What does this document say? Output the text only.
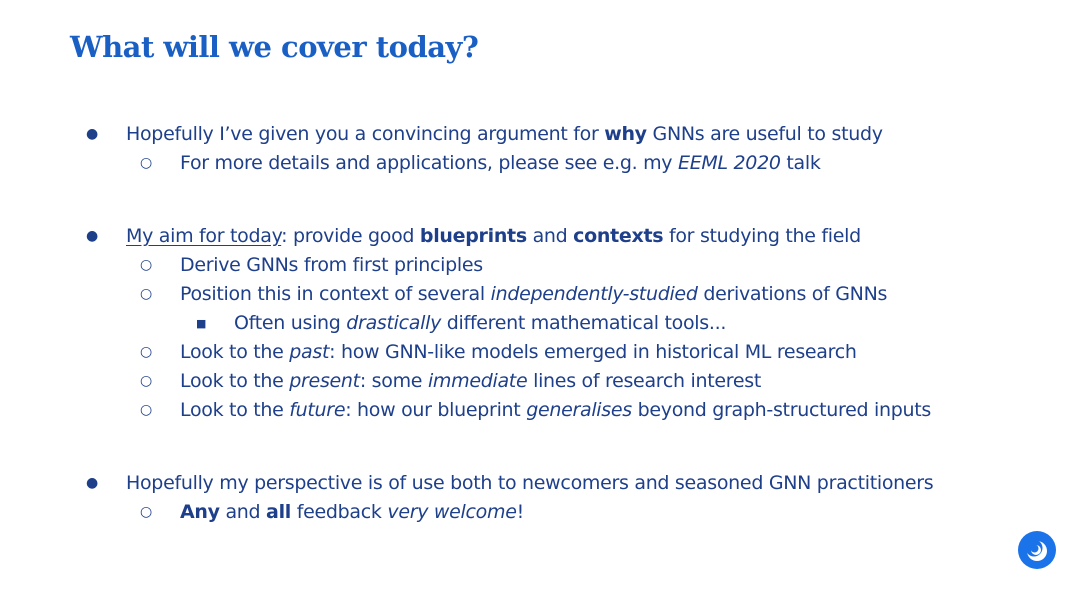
What will we cover today?
● Hopefully I’ve given you a convincing argument for why GNNs are useful to study
○ For more details and applications, please see e.g. my EEML 2020 talk
● My aim for today: provide good blueprints and contexts for studying the field
○ Derive GNNs from first principles
○ Position this in context of several independently-studied derivations of GNNs
■ Often using drastically different mathematical tools...
○ Look to the past: how GNN-like models emerged in historical ML research
○ Look to the present: some immediate lines of research interest
○ Look to the future: how our blueprint generalises beyond graph-structured inputs
● Hopefully my perspective is of use both to newcomers and seasoned GNN practitioners
○ Any and all feedback very welcome!
